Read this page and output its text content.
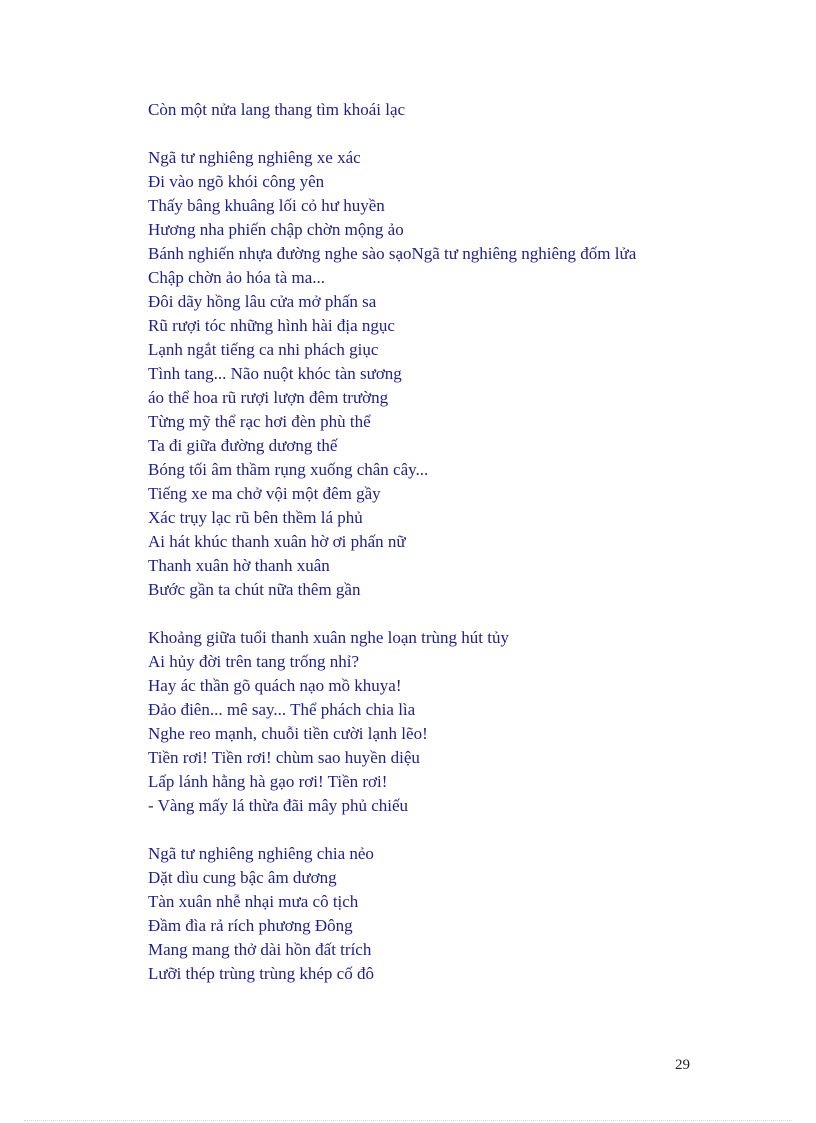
Còn một nửa lang thang tìm khoái lạc
Ngã tư nghiêng nghiêng xe xác
Đi vào ngõ khói công yên
Thấy bâng khuâng lối cỏ hư huyền
Hương nha phiến chập chờn mộng ảo
Bánh nghiến nhựa đường nghe sào sạoNgã tư nghiêng nghiêng đốm lửa
Chập chờn ảo hóa tà ma...
Đôi dãy hồng lâu cửa mở phấn sa
Rũ rượi tóc những hình hài địa ngục
Lạnh ngắt tiếng ca nhi phách giục
Tình tang... Não nuột khóc tàn sương
áo thể hoa rũ rượi lượn đêm trường
Từng mỹ thể rạc hơi đèn phù thể
Ta đi giữa đường dương thế
Bóng tối âm thầm rụng xuống chân cây...
Tiếng xe ma chở vội một đêm gầy
Xác trụy lạc rũ bên thềm lá phủ
Ai hát khúc thanh xuân hờ ơi phấn nữ
Thanh xuân hờ thanh xuân
Bước gần ta chút nữa thêm gần
Khoảng giữa tuổi thanh xuân nghe loạn trùng hút tủy
Ai hủy đời trên tang trống nhỉ?
Hay ác thần gõ quách nạo mồ khuya!
Đảo điên... mê say... Thể phách chia lìa
Nghe reo mạnh, chuỗi tiền cười lạnh lẽo!
Tiền rơi! Tiền rơi! chùm sao huyền diệu
Lấp lánh hằng hà gạo rơi! Tiền rơi!
- Vàng mấy lá thừa đãi mây phủ chiếu
Ngã tư nghiêng nghiêng chia nẻo
Dặt dìu cung bậc âm dương
Tàn xuân nhễ nhại mưa cô tịch
Đầm đìa rả rích phương Đông
Mang mang thở dài hồn đất trích
Lưỡi thép trùng trùng khép cố đô
29
